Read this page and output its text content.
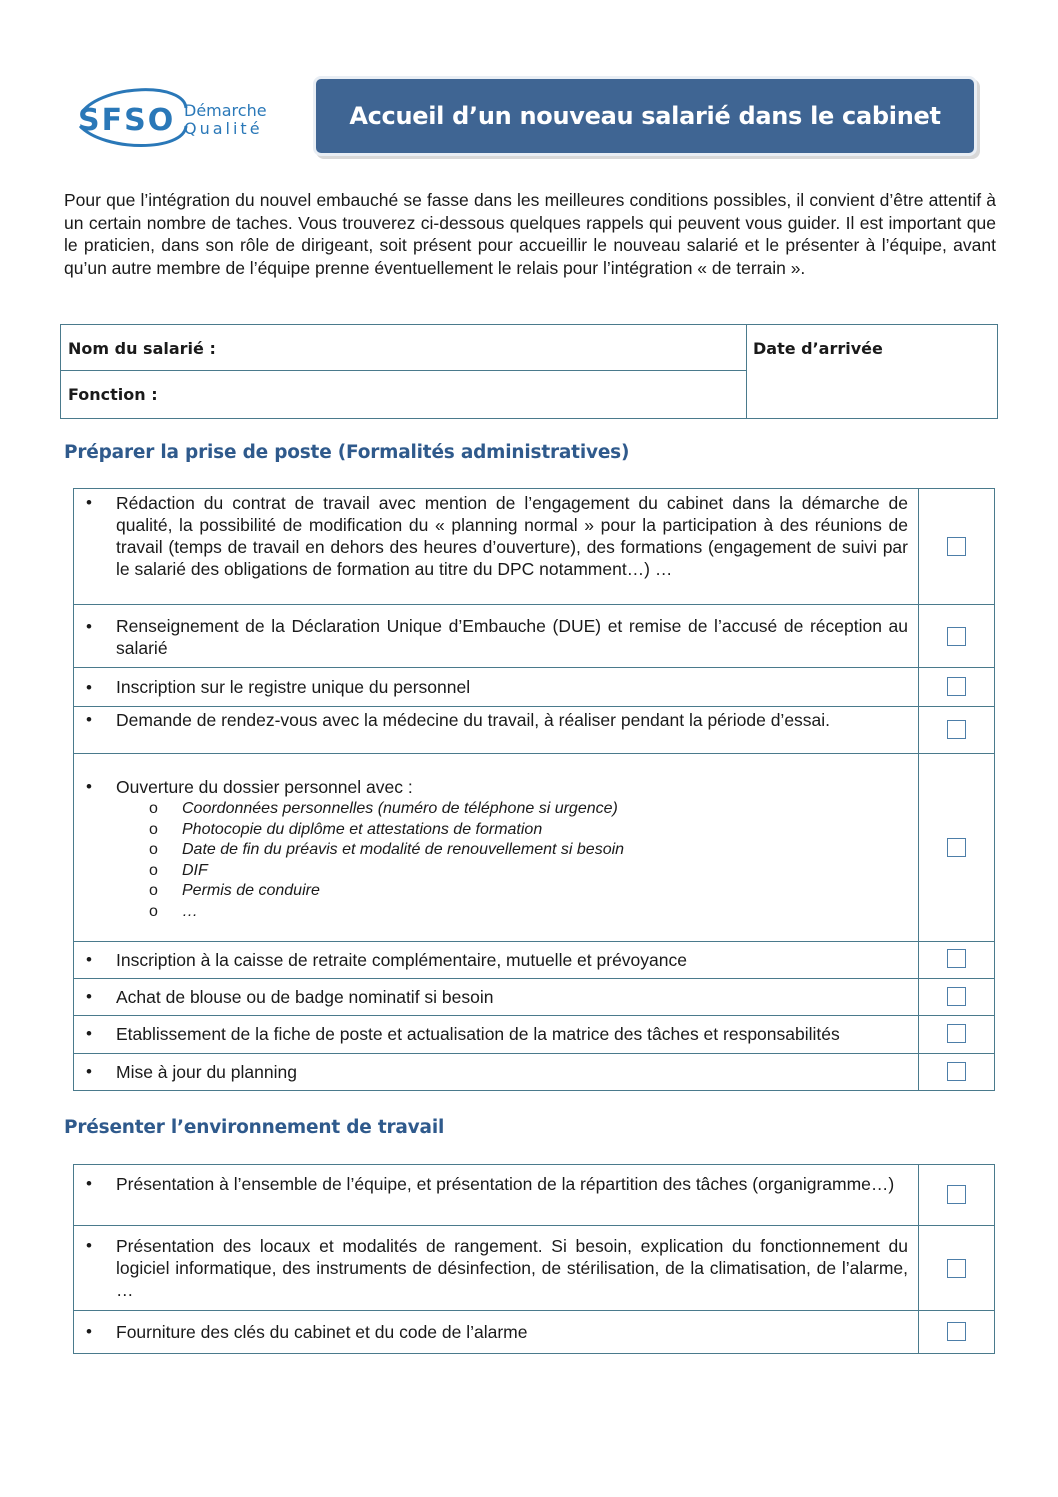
SFSO Démarche
Qualité	Accueil d’un nouveau salarié dans le cabinet
Pour que l’intégration du nouvel embauché se fasse dans les meilleures conditions possibles, il convient d’être attentif à un certain nombre de taches. Vous trouverez ci-dessous quelques rappels qui peuvent vous guider. Il est important que le praticien, dans son rôle de dirigeant, soit présent pour accueillir le nouveau salarié et le présenter à l’équipe, avant qu’un autre membre de l’équipe prenne éventuellement le relais pour l’intégration « de terrain ».
Nom du salarié :
Fonction :
Date d’arrivée
Préparer la prise de poste (Formalités administratives)
• Rédaction du contrat de travail avec mention de l’engagement du cabinet dans la démarche de qualité, la possibilité de modification du « planning normal » pour la participation à des réunions de travail (temps de travail en dehors des heures d’ouverture), des formations (engagement de suivi par le salarié des obligations de formation au titre du DPC notamment…) …
• Renseignement de la Déclaration Unique d’Embauche (DUE) et remise de l’accusé de réception au salarié
• Inscription sur le registre unique du personnel
• Demande de rendez-vous avec la médecine du travail, à réaliser pendant la période d’essai.
• Ouverture du dossier personnel avec :
o Coordonnées personnelles (numéro de téléphone si urgence)
o Photocopie du diplôme et attestations de formation
o Date de fin du préavis et modalité de renouvellement si besoin
o DIF
o Permis de conduire
o …
• Inscription à la caisse de retraite complémentaire, mutuelle et prévoyance
• Achat de blouse ou de badge nominatif si besoin
• Etablissement de la fiche de poste et actualisation de la matrice des tâches et responsabilités
• Mise à jour du planning
Présenter l’environnement de travail
• Présentation à l’ensemble de l’équipe, et présentation de la répartition des tâches (organigramme…)
• Présentation des locaux et modalités de rangement. Si besoin, explication du fonctionnement du logiciel informatique, des instruments de désinfection, de stérilisation, de la climatisation, de l’alarme, …
• Fourniture des clés du cabinet et du code de l’alarme
